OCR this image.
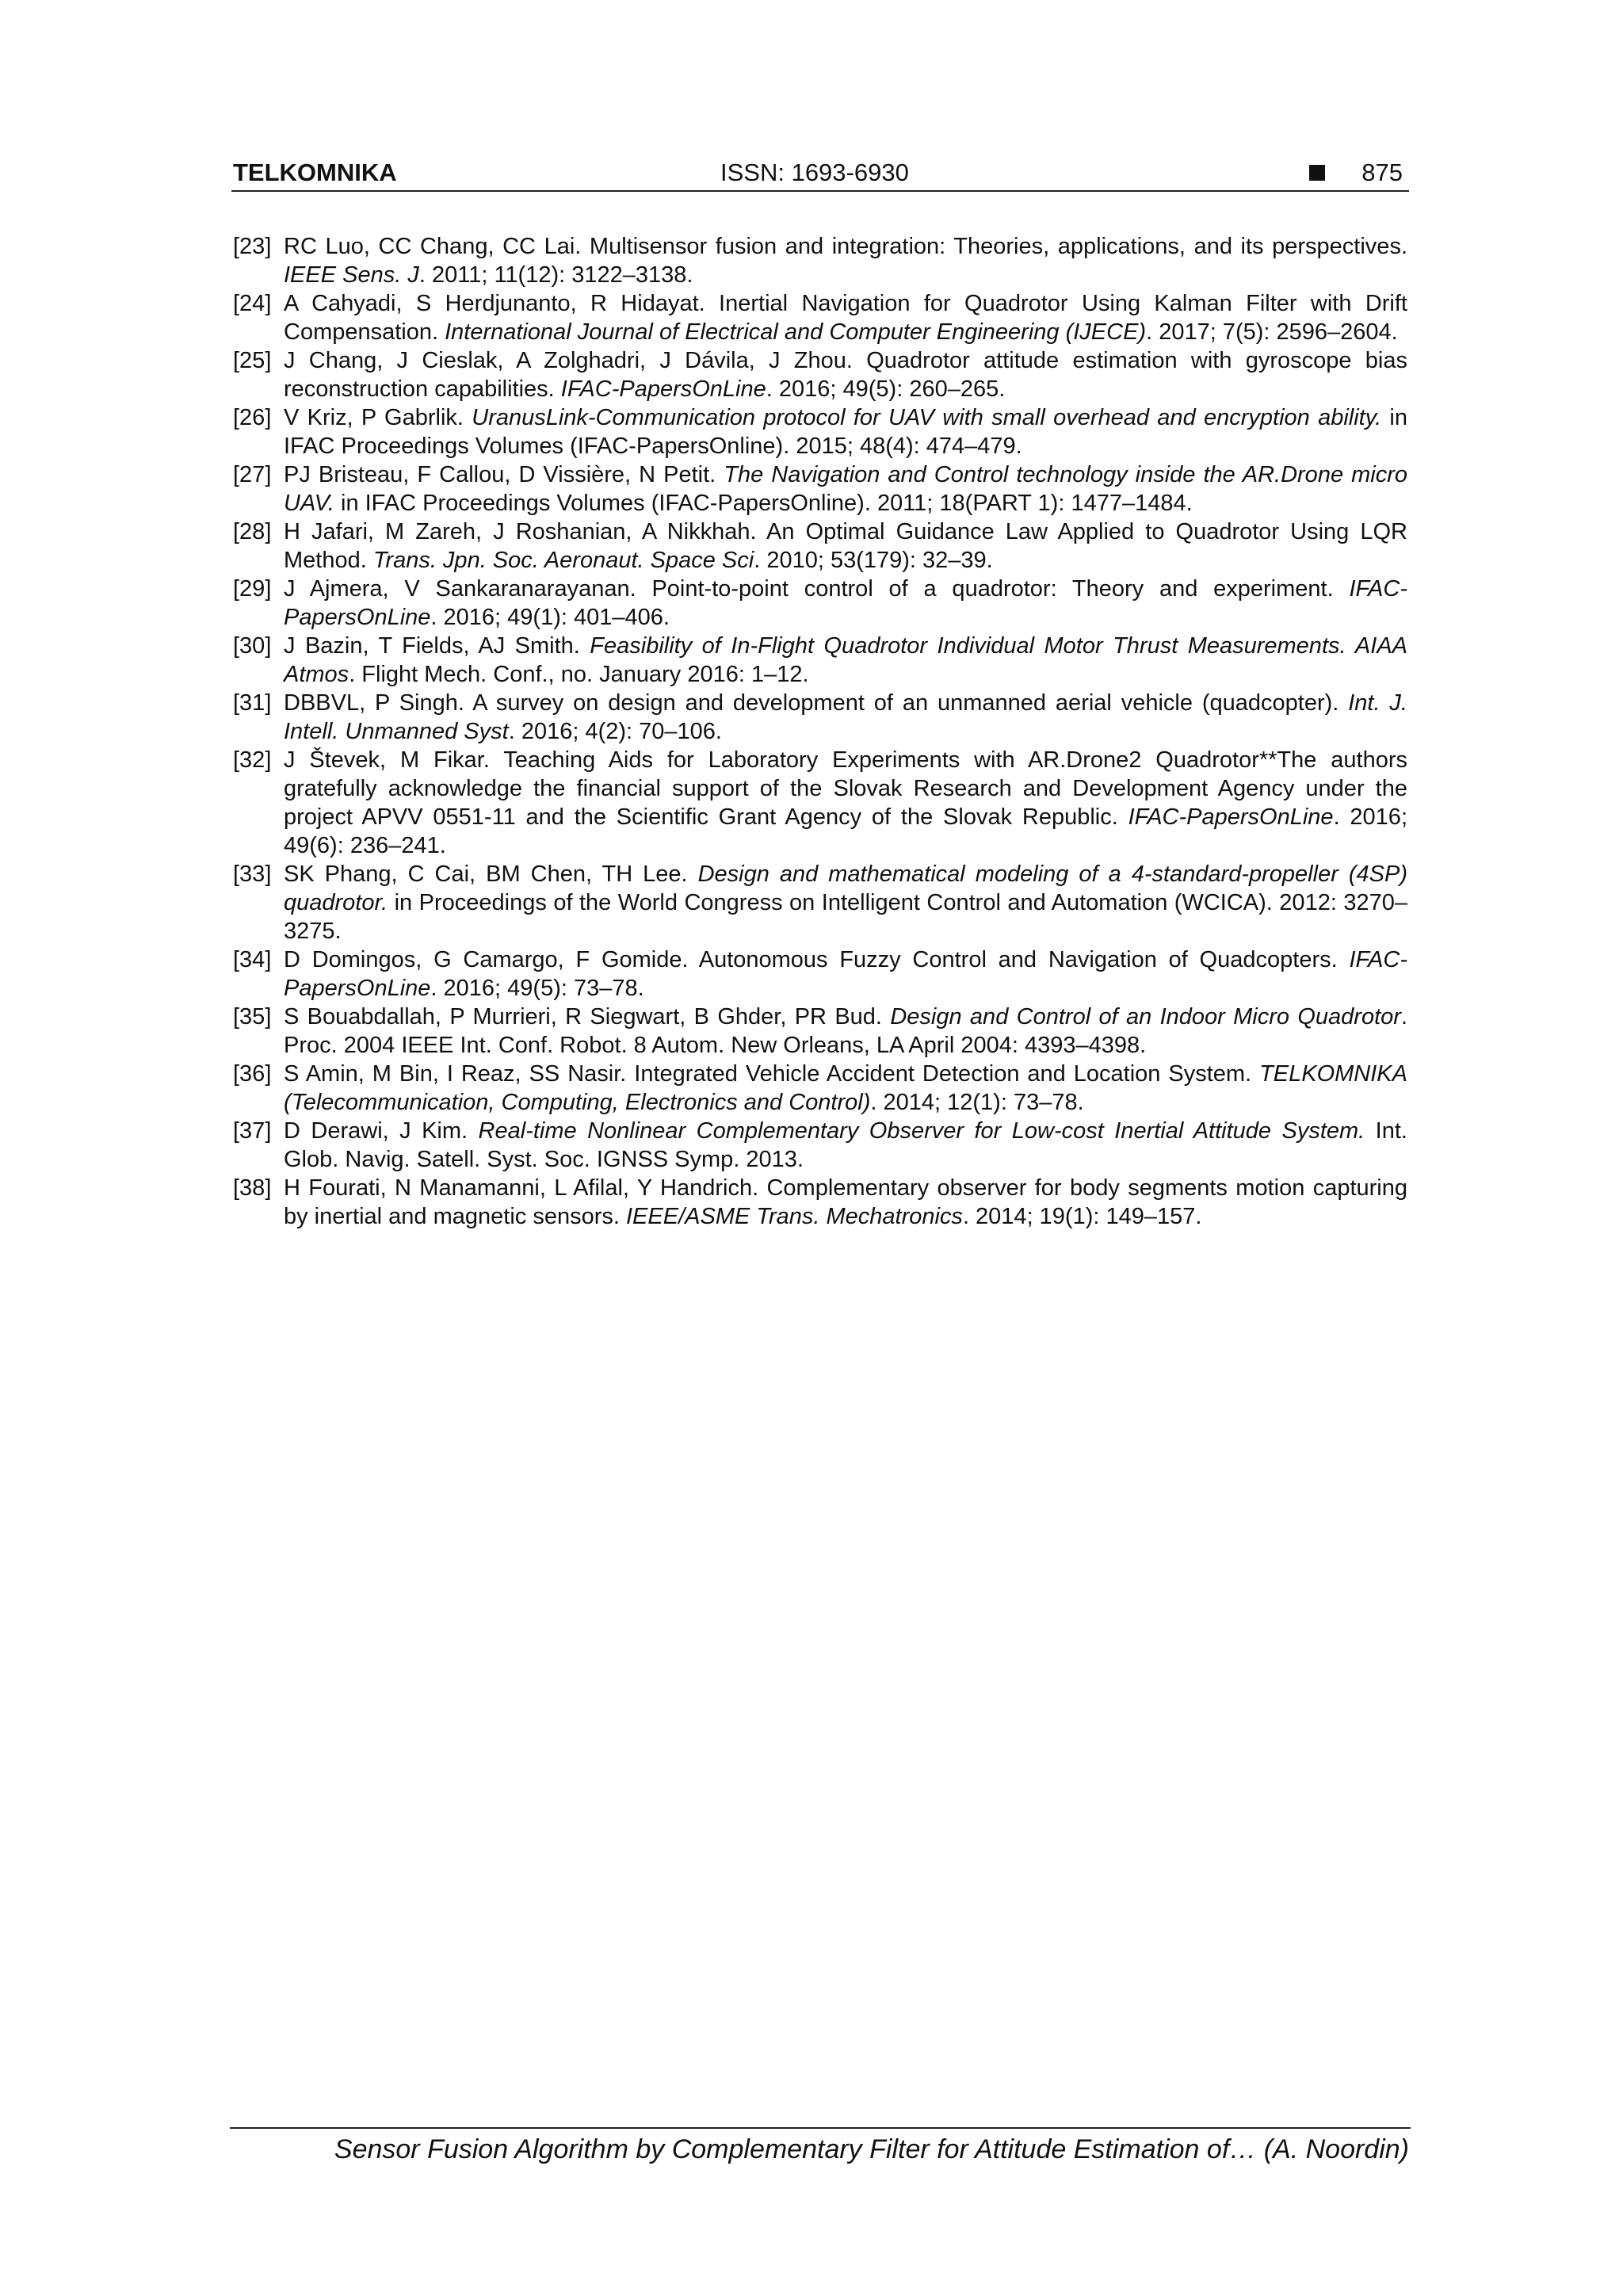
TELKOMNIKA	ISSN: 1693-6930	875
[23] RC Luo, CC Chang, CC Lai. Multisensor fusion and integration: Theories, applications, and its perspectives. IEEE Sens. J. 2011; 11(12): 3122–3138.
[24] A Cahyadi, S Herdjunanto, R Hidayat. Inertial Navigation for Quadrotor Using Kalman Filter with Drift Compensation. International Journal of Electrical and Computer Engineering (IJECE). 2017; 7(5): 2596–2604.
[25] J Chang, J Cieslak, A Zolghadri, J Dávila, J Zhou. Quadrotor attitude estimation with gyroscope bias reconstruction capabilities. IFAC-PapersOnLine. 2016; 49(5): 260–265.
[26] V Kriz, P Gabrlik. UranusLink-Communication protocol for UAV with small overhead and encryption ability. in IFAC Proceedings Volumes (IFAC-PapersOnline). 2015; 48(4): 474–479.
[27] PJ Bristeau, F Callou, D Vissière, N Petit. The Navigation and Control technology inside the AR.Drone micro UAV. in IFAC Proceedings Volumes (IFAC-PapersOnline). 2011; 18(PART 1): 1477–1484.
[28] H Jafari, M Zareh, J Roshanian, A Nikkhah. An Optimal Guidance Law Applied to Quadrotor Using LQR Method. Trans. Jpn. Soc. Aeronaut. Space Sci. 2010; 53(179): 32–39.
[29] J Ajmera, V Sankaranarayanan. Point-to-point control of a quadrotor: Theory and experiment. IFAC-PapersOnLine. 2016; 49(1): 401–406.
[30] J Bazin, T Fields, AJ Smith. Feasibility of In-Flight Quadrotor Individual Motor Thrust Measurements. AIAA Atmos. Flight Mech. Conf., no. January 2016: 1–12.
[31] DBBVL, P Singh. A survey on design and development of an unmanned aerial vehicle (quadcopter). Int. J. Intell. Unmanned Syst. 2016; 4(2): 70–106.
[32] J Števek, M Fikar. Teaching Aids for Laboratory Experiments with AR.Drone2 Quadrotor**The authors gratefully acknowledge the financial support of the Slovak Research and Development Agency under the project APVV 0551-11 and the Scientific Grant Agency of the Slovak Republic. IFAC-PapersOnLine. 2016; 49(6): 236–241.
[33] SK Phang, C Cai, BM Chen, TH Lee. Design and mathematical modeling of a 4-standard-propeller (4SP) quadrotor. in Proceedings of the World Congress on Intelligent Control and Automation (WCICA). 2012: 3270–3275.
[34] D Domingos, G Camargo, F Gomide. Autonomous Fuzzy Control and Navigation of Quadcopters. IFAC-PapersOnLine. 2016; 49(5): 73–78.
[35] S Bouabdallah, P Murrieri, R Siegwart, B Ghder, PR Bud. Design and Control of an Indoor Micro Quadrotor. Proc. 2004 IEEE Int. Conf. Robot. 8 Autom. New Orleans, LA April 2004: 4393–4398.
[36] S Amin, M Bin, I Reaz, SS Nasir. Integrated Vehicle Accident Detection and Location System. TELKOMNIKA (Telecommunication, Computing, Electronics and Control). 2014; 12(1): 73–78.
[37] D Derawi, J Kim. Real-time Nonlinear Complementary Observer for Low-cost Inertial Attitude System. Int. Glob. Navig. Satell. Syst. Soc. IGNSS Symp. 2013.
[38] H Fourati, N Manamanni, L Afilal, Y Handrich. Complementary observer for body segments motion capturing by inertial and magnetic sensors. IEEE/ASME Trans. Mechatronics. 2014; 19(1): 149–157.
Sensor Fusion Algorithm by Complementary Filter for Attitude Estimation of… (A. Noordin)
